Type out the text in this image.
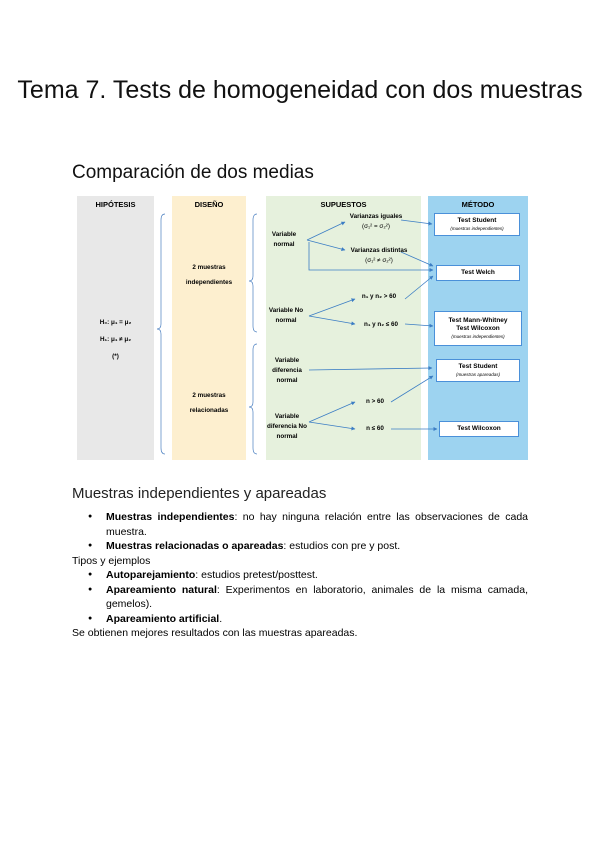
Tema 7. Tests de homogeneidad con dos muestras
Comparación de dos medias
HIPÓTESIS	DISEÑO	SUPUESTOS	MÉTODO
H₀: μ₁ = μ₂
H₁: μ₁ ≠ μ₂
(*)
2 muestras independientes
2 muestras relacionadas
Variable normal
Variable No normal
Variable diferencia normal
Variable diferencia No normal
Varianzas iguales
(σ₁² = σ₂²)
Varianzas distintas
(σ₁² ≠ σ₂²)
n₁ y n₂ > 60
n₁ y n₂ ≤ 60
n > 60
n ≤ 60
Test Student
(muestras independientes)
Test Welch
Test Mann-Whitney
Test Wilcoxon
(muestras independientes)
Test Student
(muestras apareadas)
Test Wilcoxon
Muestras independientes y apareadas
● Muestras independientes: no hay ninguna relación entre las observaciones de cada muestra.
● Muestras relacionadas o apareadas: estudios con pre y post.

Tipos y ejemplos

● Autoparejamiento: estudios pretest/posttest.
● Apareamiento natural: Experimentos en laboratorio, animales de la misma camada, gemelos).
● Apareamiento artificial.

Se obtienen mejores resultados con las muestras apareadas.
